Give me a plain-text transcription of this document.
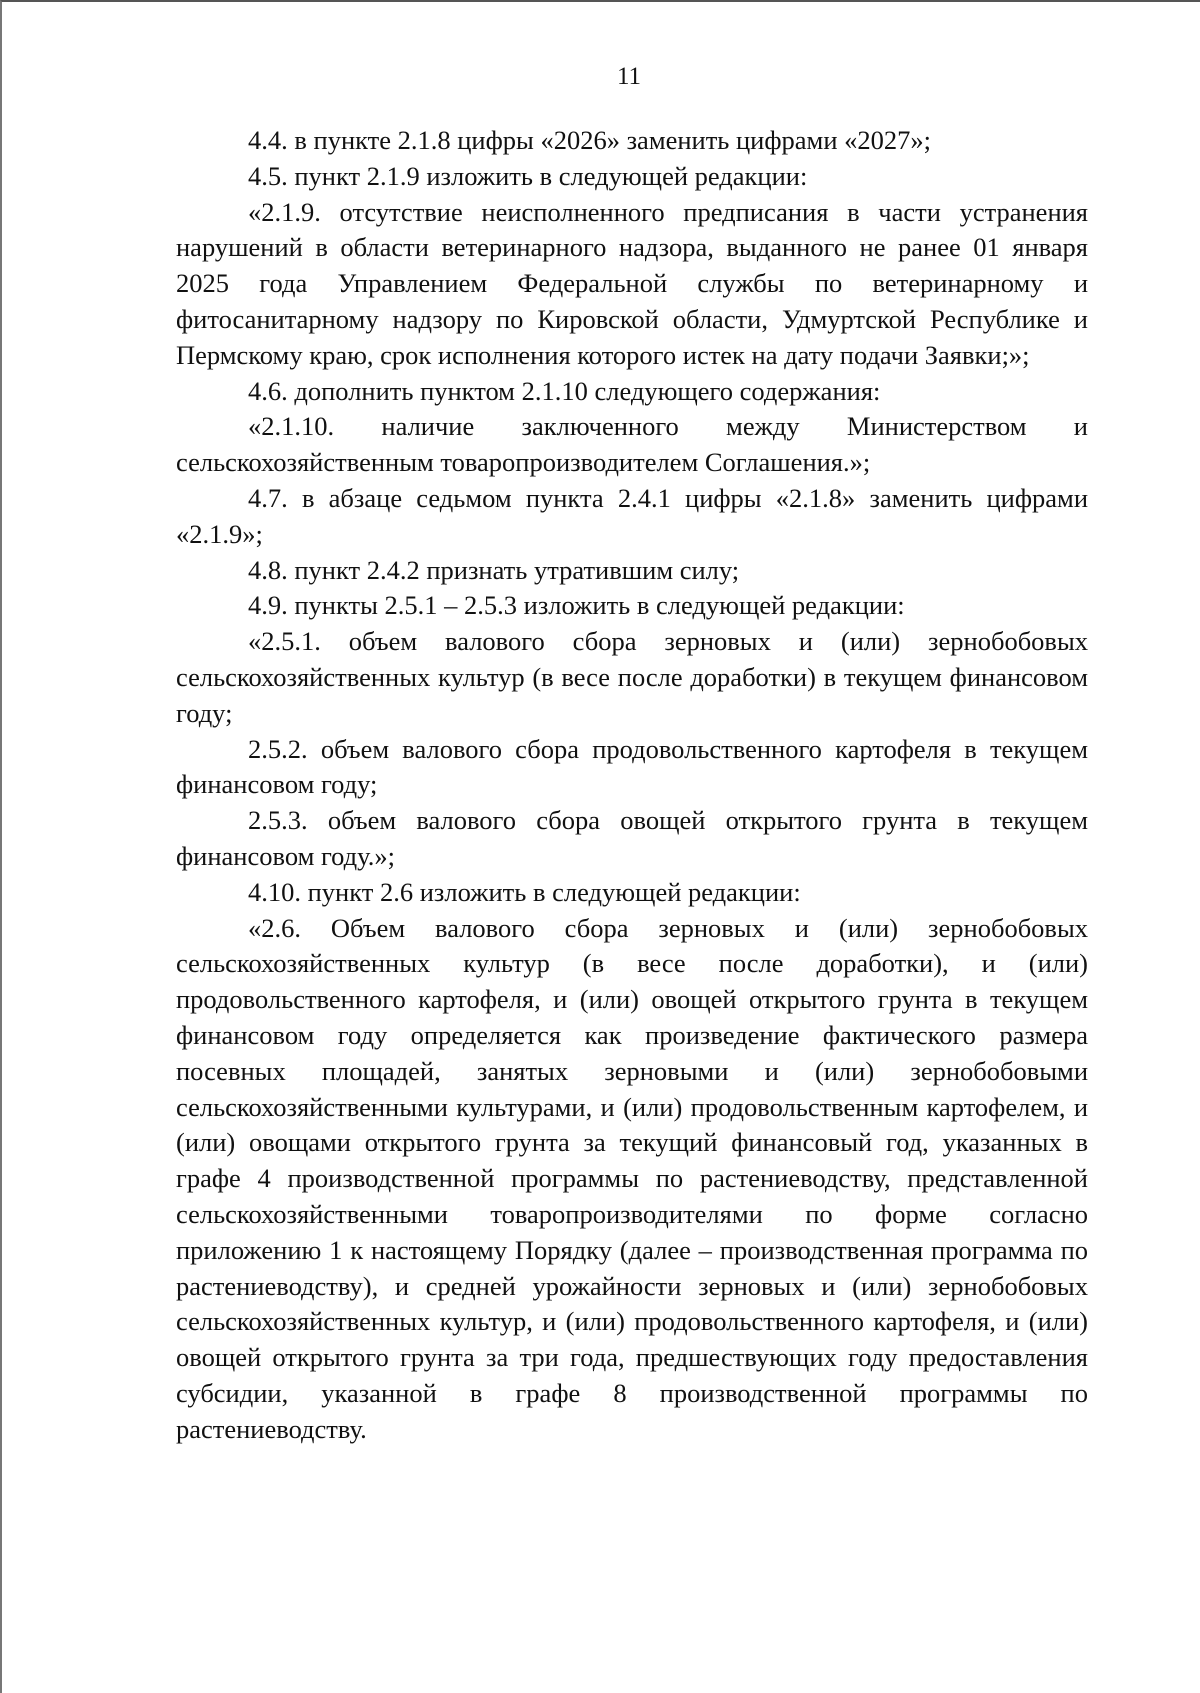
11

4.4. в пункте 2.1.8 цифры «2026» заменить цифрами «2027»;

4.5. пункт 2.1.9 изложить в следующей редакции:

«2.1.9. отсутствие неисполненного предписания в части устранения нарушений в области ветеринарного надзора, выданного не ранее 01 января 2025 года Управлением Федеральной службы по ветеринарному и фитосанитарному надзору по Кировской области, Удмуртской Республике и Пермскому краю, срок исполнения которого истек на дату подачи Заявки;»;

4.6. дополнить пунктом 2.1.10 следующего содержания:

«2.1.10. наличие заключенного между Министерством и сельскохозяйственным товаропроизводителем Соглашения.»;

4.7. в абзаце седьмом пункта 2.4.1 цифры «2.1.8» заменить цифрами «2.1.9»;

4.8. пункт 2.4.2 признать утратившим силу;

4.9. пункты 2.5.1 – 2.5.3 изложить в следующей редакции:

«2.5.1. объем валового сбора зерновых и (или) зернобобовых сельскохозяйственных культур (в весе после доработки) в текущем финансовом году;

2.5.2. объем валового сбора продовольственного картофеля в текущем финансовом году;

2.5.3. объем валового сбора овощей открытого грунта в текущем финансовом году.»;

4.10. пункт 2.6 изложить в следующей редакции:

«2.6. Объем валового сбора зерновых и (или) зернобобовых сельскохозяйственных культур (в весе после доработки), и (или) продовольственного картофеля, и (или) овощей открытого грунта в текущем финансовом году определяется как произведение фактического размера посевных площадей, занятых зерновыми и (или) зернобобовыми сельскохозяйственными культурами, и (или) продовольственным картофелем, и (или) овощами открытого грунта за текущий финансовый год, указанных в графе 4 производственной программы по растениеводству, представленной сельскохозяйственными товаропроизводителями по форме согласно приложению 1 к настоящему Порядку (далее – производственная программа по растениеводству), и средней урожайности зерновых и (или) зернобобовых сельскохозяйственных культур, и (или) продовольственного картофеля, и (или) овощей открытого грунта за три года, предшествующих году предоставления субсидии, указанной в графе 8 производственной программы по растениеводству.
